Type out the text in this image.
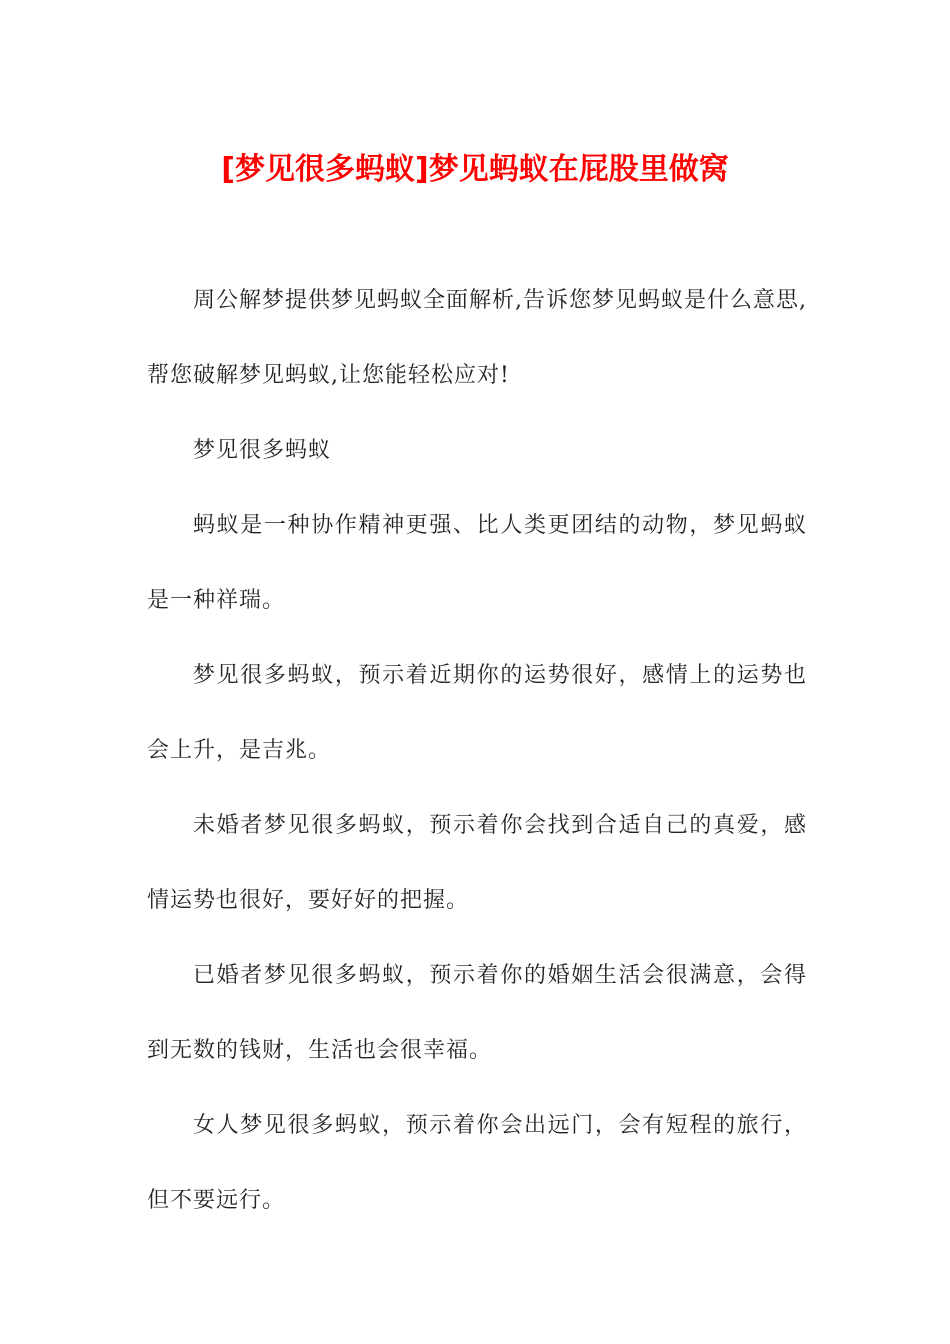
[梦见很多蚂蚁]梦见蚂蚁在屁股里做窝

周公解梦提供梦见蚂蚁全面解析,告诉您梦见蚂蚁是什么意思,帮您破解梦见蚂蚁,让您能轻松应对!

梦见很多蚂蚁

蚂蚁是一种协作精神更强、比人类更团结的动物，梦见蚂蚁是一种祥瑞。

梦见很多蚂蚁，预示着近期你的运势很好，感情上的运势也会上升，是吉兆。

未婚者梦见很多蚂蚁，预示着你会找到合适自己的真爱，感情运势也很好，要好好的把握。

已婚者梦见很多蚂蚁，预示着你的婚姻生活会很满意，会得到无数的钱财，生活也会很幸福。

女人梦见很多蚂蚁，预示着你会出远门，会有短程的旅行，但不要远行。
